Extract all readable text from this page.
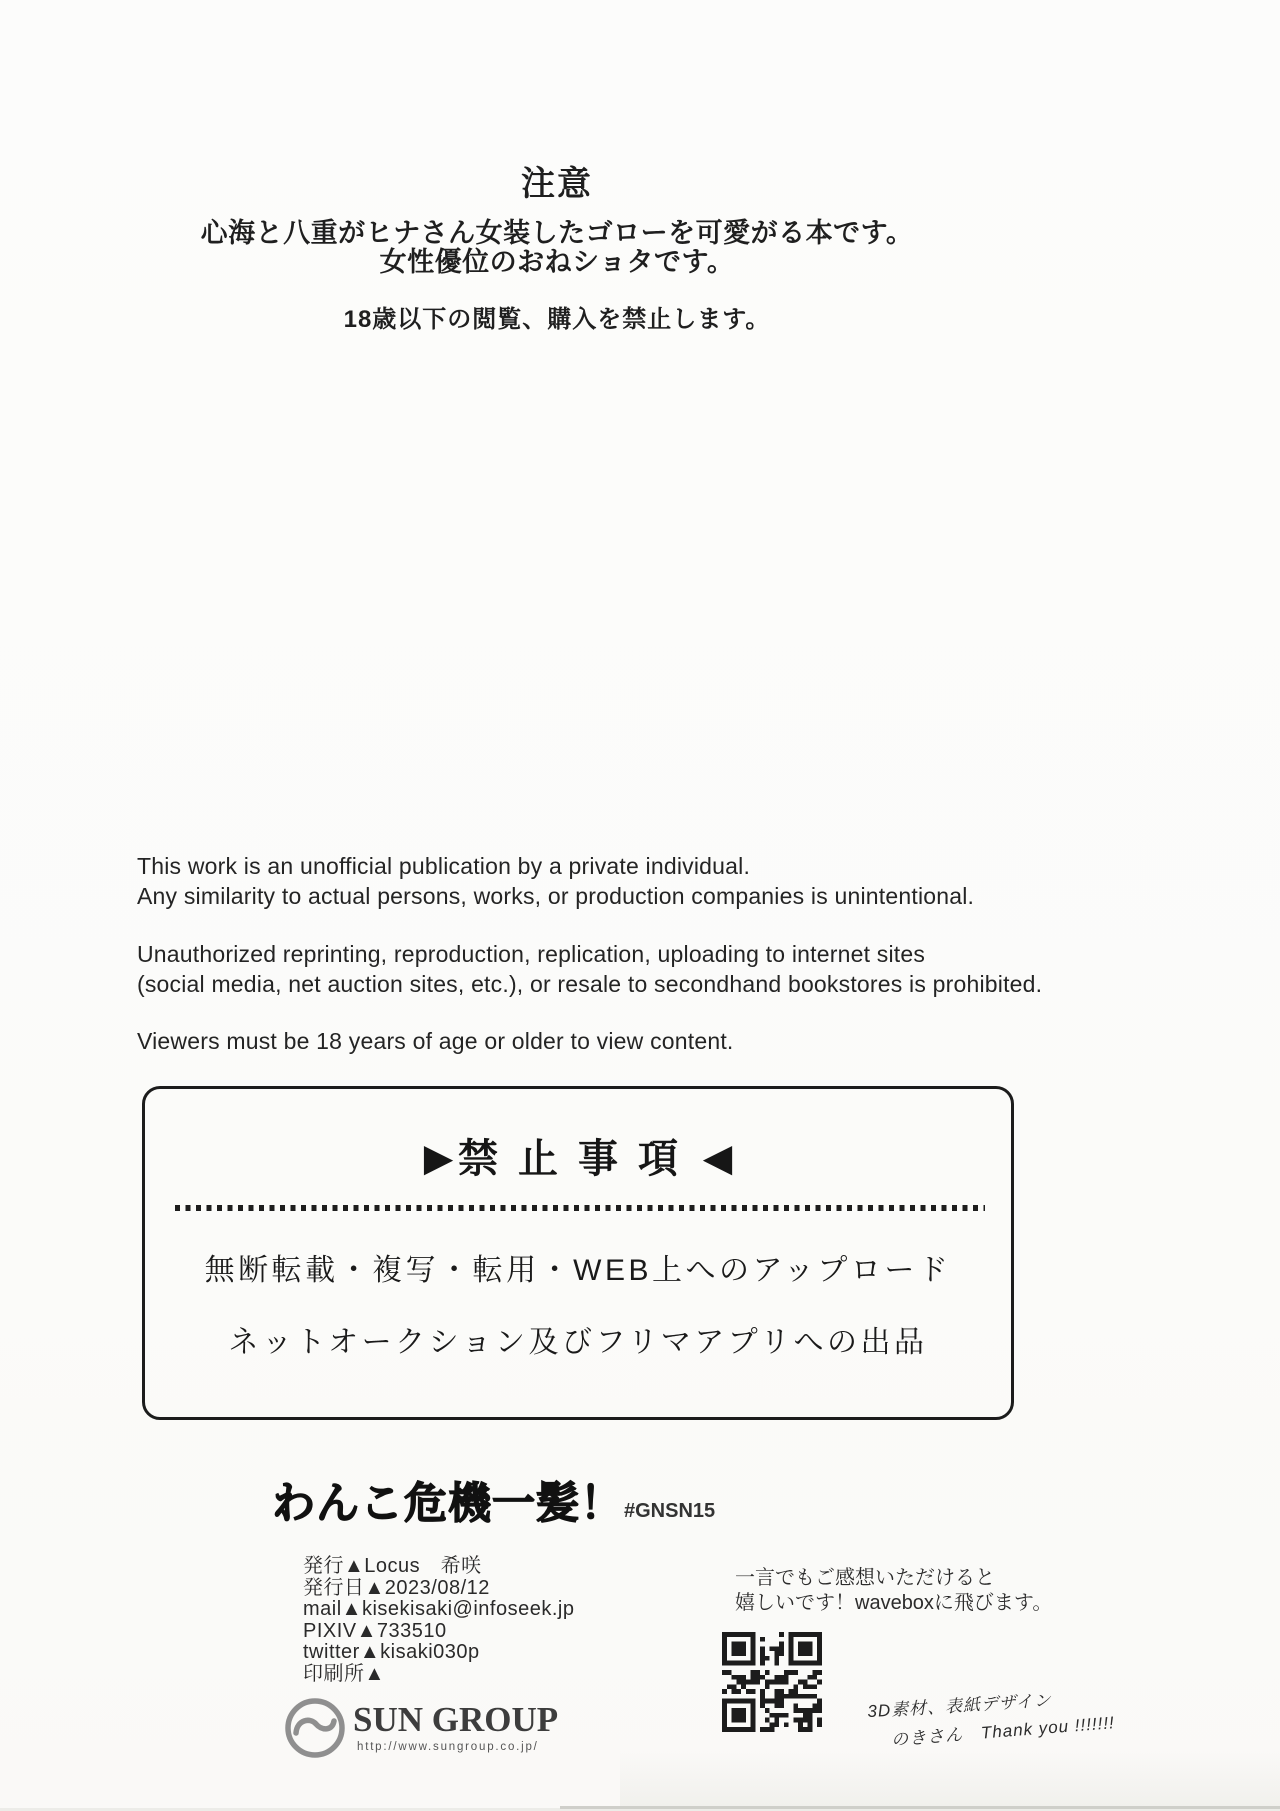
注意
心海と八重がヒナさん女装したゴローを可愛がる本です。
女性優位のおねショタです。
18歳以下の閲覧、購入を禁止します。
This work is an unofficial publication by a private individual.
Any similarity to actual persons, works, or production companies is unintentional.
Unauthorized reprinting, reproduction, replication, uploading to internet sites
(social media, net auction sites, etc.), or resale to secondhand bookstores is prohibited.
Viewers must be 18 years of age or older to view content.
▶ 禁止事項 ◀
無断転載・複写・転用・WEB上へのアップロード
ネットオークション及びフリマアプリへの出品
わんこ危機一髪！ #GNSN15
発行▲Locus　希咲
発行日▲2023/08/12
mail▲kisekisaki@infoseek.jp
PIXIV▲733510
twitter▲kisaki030p
印刷所▲
SUN GROUP
http://www.sungroup.co.jp/
一言でもご感想いただけると
嬉しいです！waveboxに飛びます。
3D素材、表紙デザイン
のきさん　Thank you !!!!!!!
